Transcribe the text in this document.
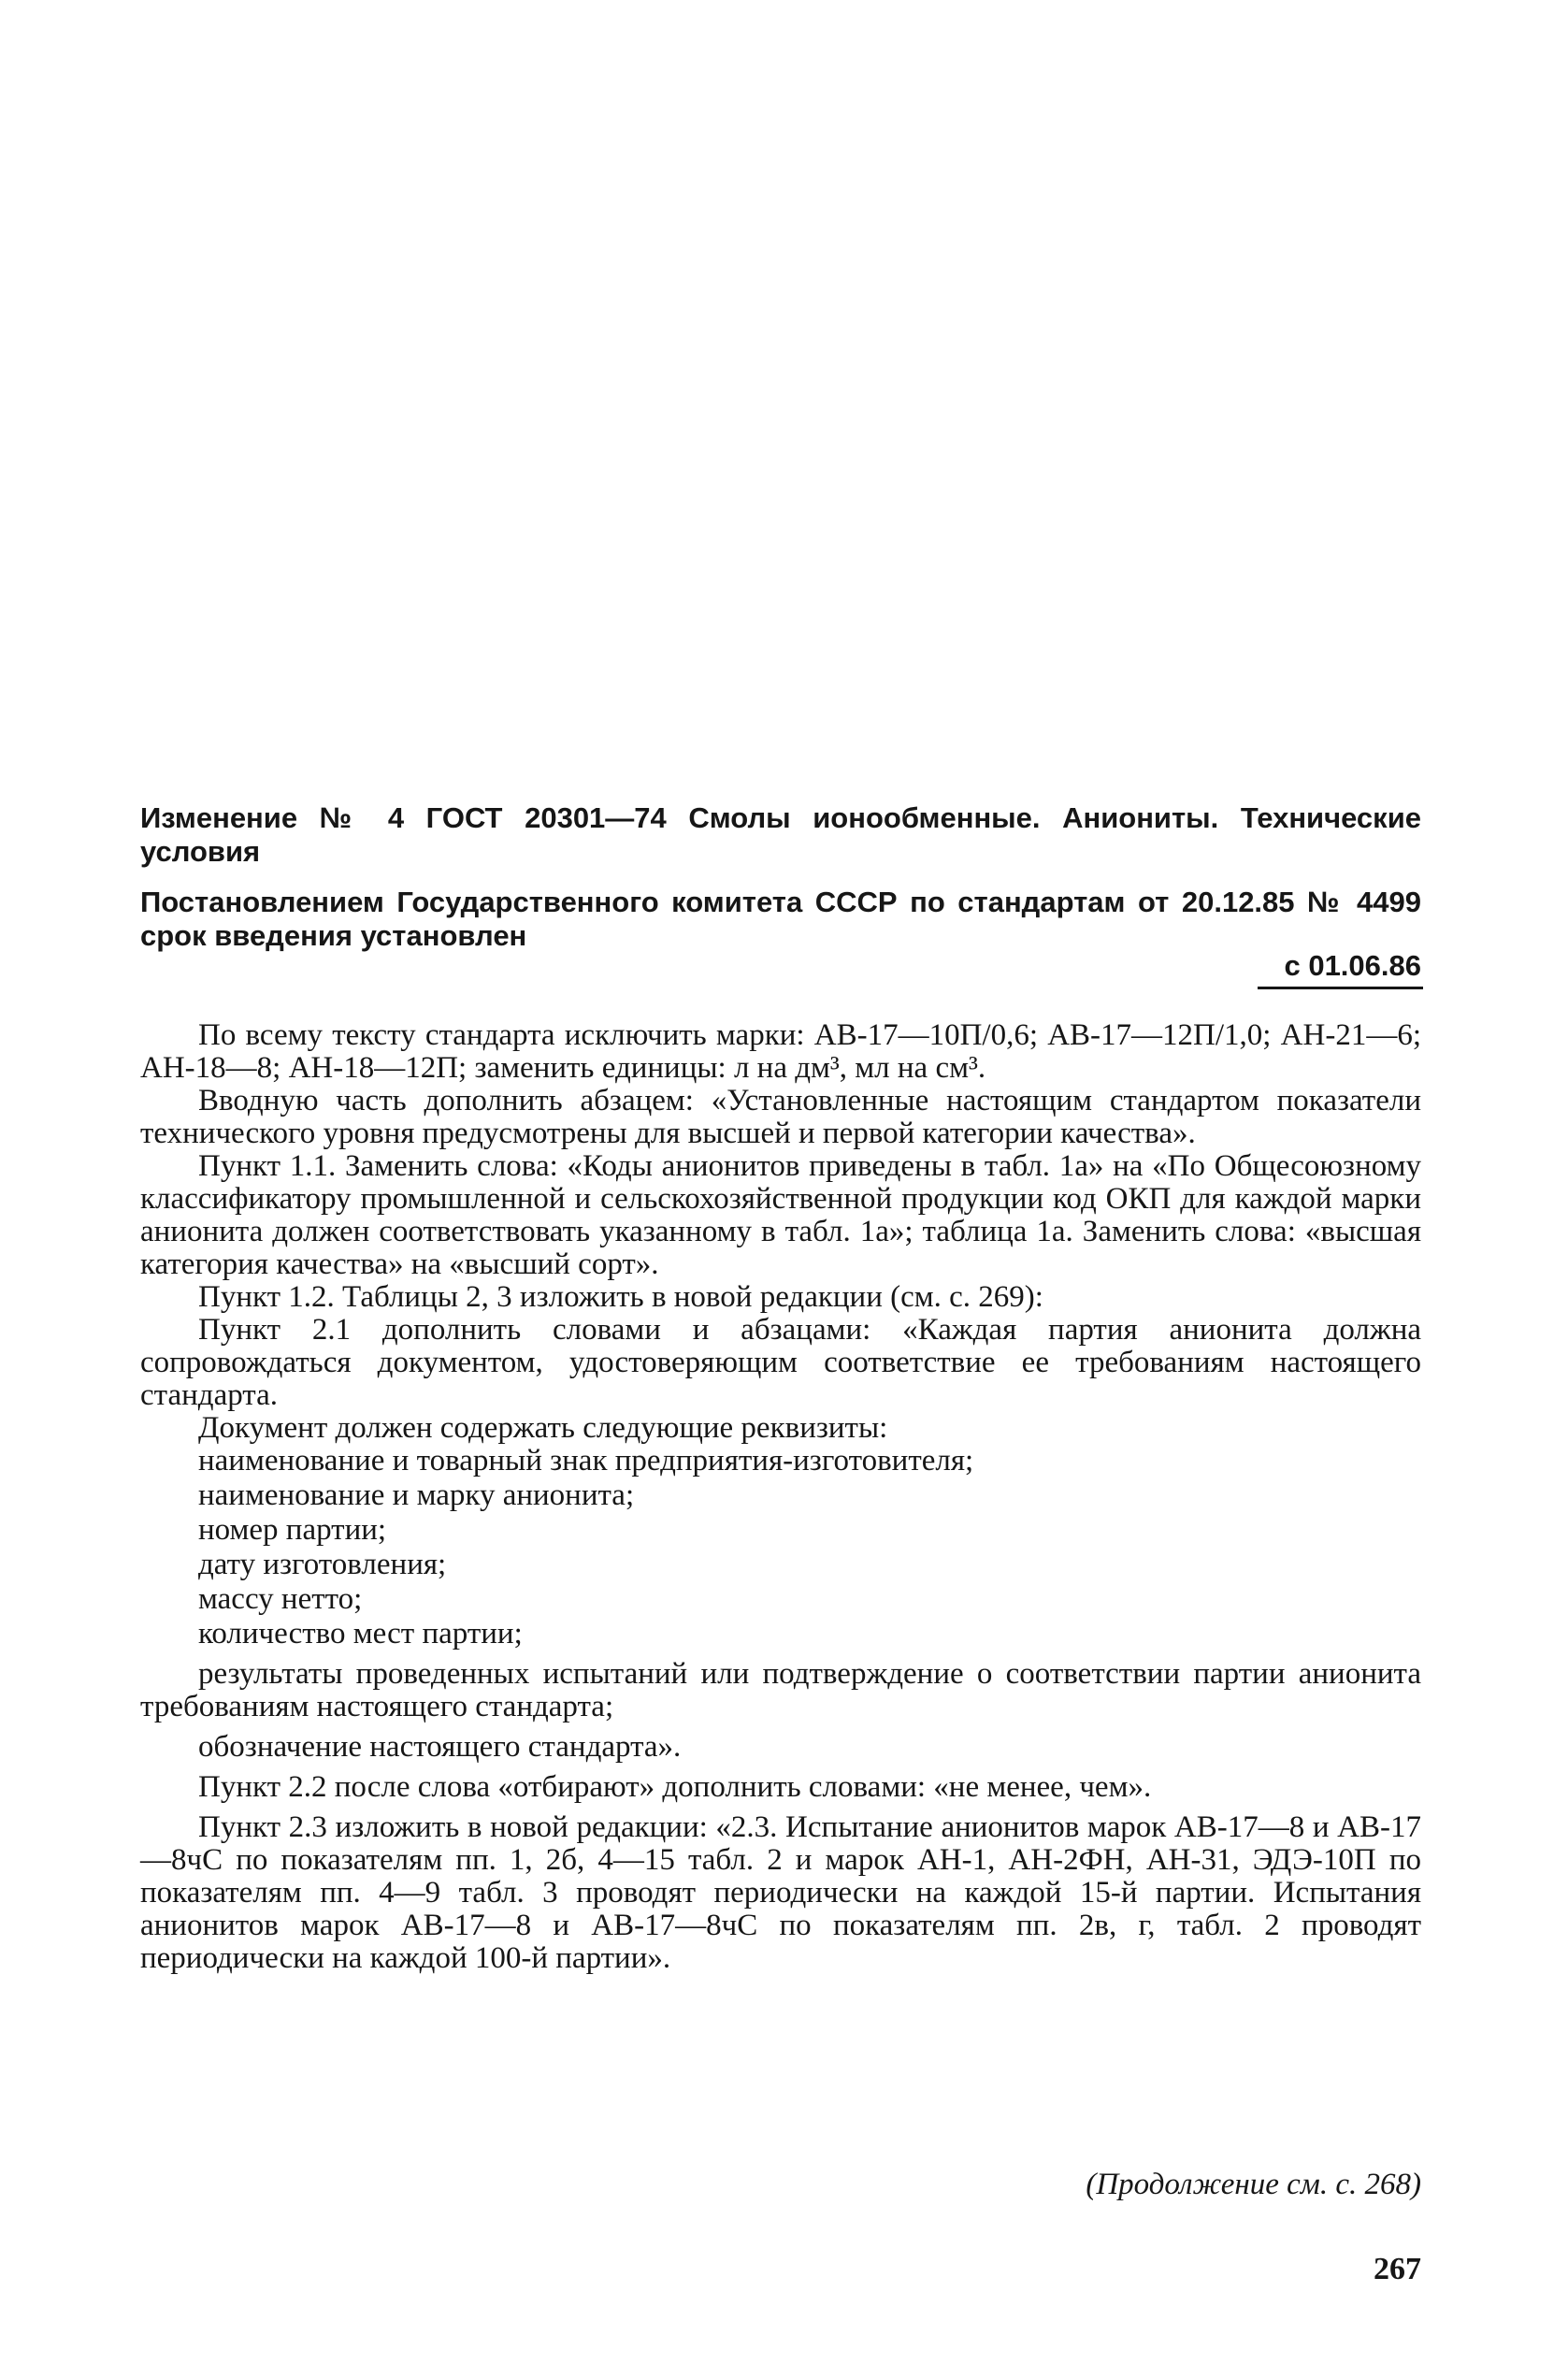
Изменение № 4 ГОСТ 20301—74 Смолы ионообменные. Аниониты. Технические условия
Постановлением Государственного комитета СССР по стандартам от 20.12.85 № 4499 срок введения установлен
с 01.06.86

По всему тексту стандарта исключить марки: АВ-17—10П/0,6; АВ-17—12П/1,0; АН-21—6; АН-18—8; АН-18—12П; заменить единицы: л на дм³, мл на см³.

Вводную часть дополнить абзацем: «Установленные настоящим стандартом показатели технического уровня предусмотрены для высшей и первой категории качества».

Пункт 1.1. Заменить слова: «Коды анионитов приведены в табл. 1а» на «По Общесоюзному классификатору промышленной и сельскохозяйственной продукции код ОКП для каждой марки анионита должен соответствовать указанному в табл. 1а»; таблица 1а. Заменить слова: «высшая категория качества» на «высший сорт».

Пункт 1.2. Таблицы 2, 3 изложить в новой редакции (см. с. 269):

Пункт 2.1 дополнить словами и абзацами: «Каждая партия анионита должна сопровождаться документом, удостоверяющим соответствие ее требованиям настоящего стандарта.

Документ должен содержать следующие реквизиты:

наименование и товарный знак предприятия-изготовителя;
наименование и марку анионита;
номер партии;
дату изготовления;
массу нетто;
количество мест партии;

результаты проведенных испытаний или подтверждение о соответствии партии анионита требованиям настоящего стандарта;

обозначение настоящего стандарта».

Пункт 2.2 после слова «отбирают» дополнить словами: «не менее, чем».

Пункт 2.3 изложить в новой редакции: «2.3. Испытание анионитов марок АВ-17—8 и АВ-17—8чС по показателям пп. 1, 2б, 4—15 табл. 2 и марок АН-1, АН-2ФН, АН-31, ЭДЭ-10П по показателям пп. 4—9 табл. 3 проводят периодически на каждой 15-й партии. Испытания анионитов марок АВ-17—8 и АВ-17—8чС по показателям пп. 2в, г, табл. 2 проводят периодически на каждой 100-й партии».

(Продолжение см. с. 268)
267
